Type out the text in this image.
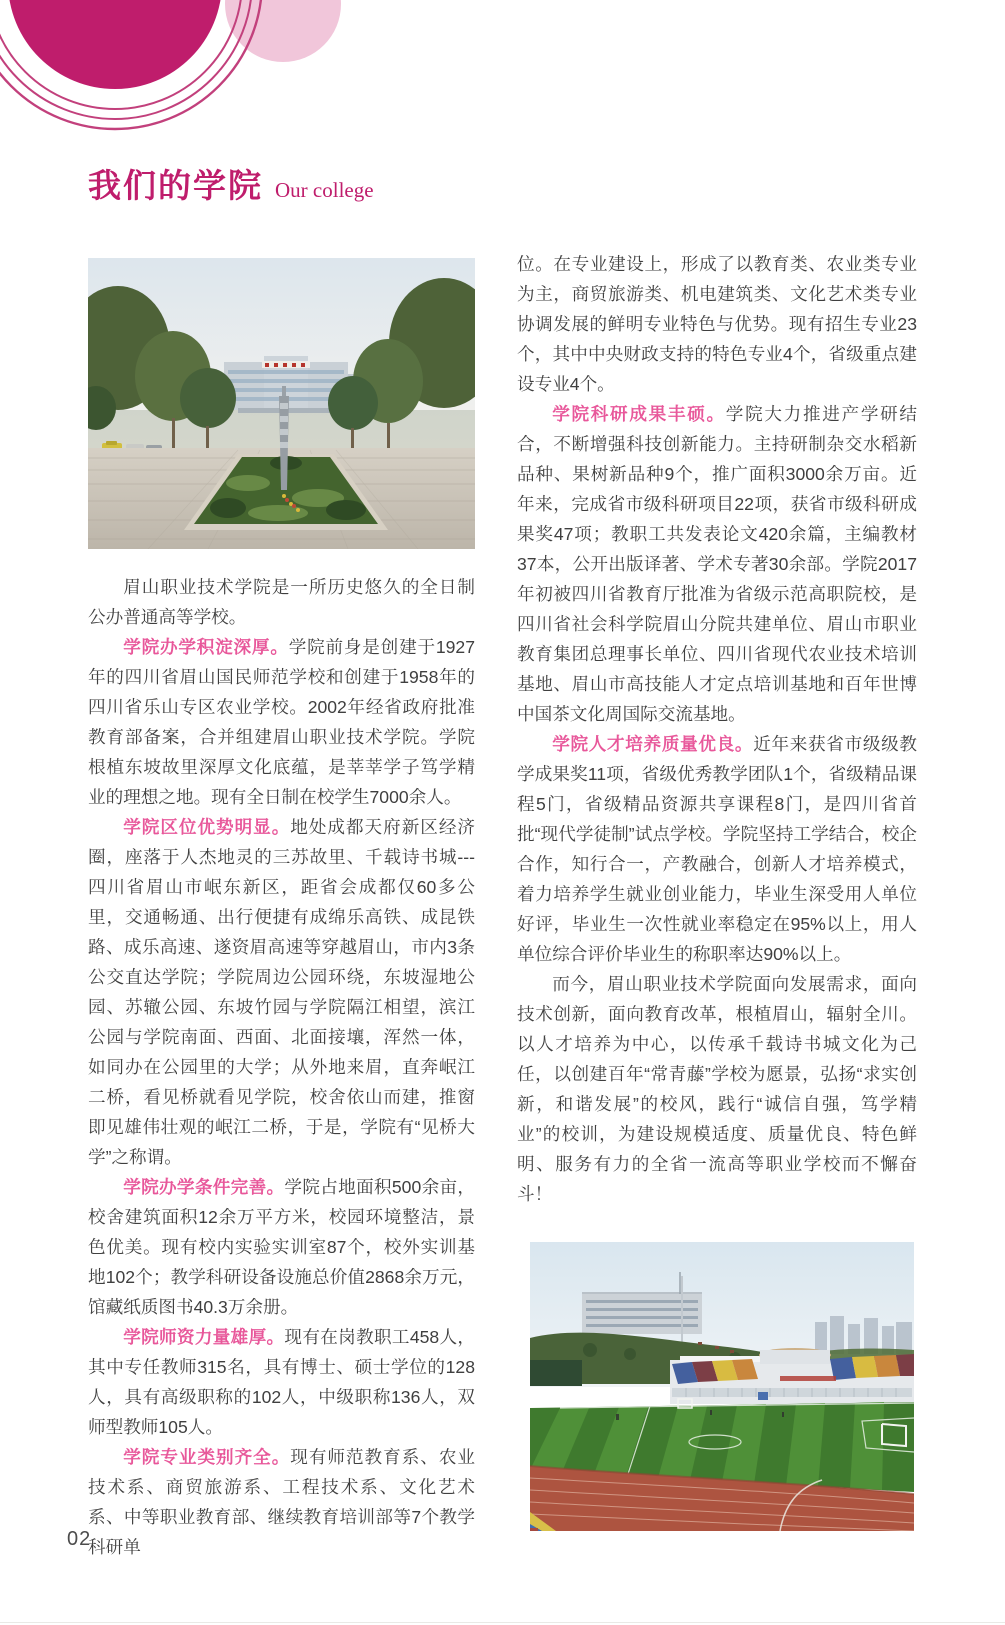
我们的学院 Our college

眉山职业技术学院是一所历史悠久的全日制公办普通高等学校。

学院办学积淀深厚。学院前身是创建于1927年的四川省眉山国民师范学校和创建于1958年的四川省乐山专区农业学校。2002年经省政府批准教育部备案，合并组建眉山职业技术学院。学院根植东坡故里深厚文化底蕴，是莘莘学子笃学精业的理想之地。现有全日制在校学生7000余人。

学院区位优势明显。地处成都天府新区经济圈，座落于人杰地灵的三苏故里、千载诗书城---四川省眉山市岷东新区，距省会成都仅60多公里，交通畅通、出行便捷有成绵乐高铁、成昆铁路、成乐高速、遂资眉高速等穿越眉山，市内3条公交直达学院；学院周边公园环绕，东坡湿地公园、苏辙公园、东坡竹园与学院隔江相望，滨江公园与学院南面、西面、北面接壤，浑然一体，如同办在公园里的大学；从外地来眉，直奔岷江二桥，看见桥就看见学院，校舍依山而建，推窗即见雄伟壮观的岷江二桥，于是，学院有“见桥大学”之称谓。

学院办学条件完善。学院占地面积500余亩，校舍建筑面积12余万平方米，校园环境整洁，景色优美。现有校内实验实训室87个，校外实训基地102个；教学科研设备设施总价值2868余万元，馆藏纸质图书40.3万余册。

学院师资力量雄厚。现有在岗教职工458人，其中专任教师315名，具有博士、硕士学位的128人，具有高级职称的102人，中级职称136人，双师型教师105人。

学院专业类别齐全。现有师范教育系、农业技术系、商贸旅游系、工程技术系、文化艺术系、中等职业教育部、继续教育培训部等7个教学科研单

位。在专业建设上，形成了以教育类、农业类专业为主，商贸旅游类、机电建筑类、文化艺术类专业协调发展的鲜明专业特色与优势。现有招生专业23个，其中中央财政支持的特色专业4个，省级重点建设专业4个。

学院科研成果丰硕。学院大力推进产学研结合，不断增强科技创新能力。主持研制杂交水稻新品种、果树新品种9个，推广面积3000余万亩。近年来，完成省市级科研项目22项，获省市级科研成果奖47项；教职工共发表论文420余篇，主编教材37本，公开出版译著、学术专著30余部。学院2017年初被四川省教育厅批准为省级示范高职院校，是四川省社会科学院眉山分院共建单位、眉山市职业教育集团总理事长单位、四川省现代农业技术培训基地、眉山市高技能人才定点培训基地和百年世博中国茶文化周国际交流基地。

学院人才培养质量优良。近年来获省市级级教学成果奖11项，省级优秀教学团队1个，省级精品课程5门，省级精品资源共享课程8门，是四川省首批“现代学徒制”试点学校。学院坚持工学结合，校企合作，知行合一，产教融合，创新人才培养模式，着力培养学生就业创业能力，毕业生深受用人单位好评，毕业生一次性就业率稳定在95%以上，用人单位综合评价毕业生的称职率达90%以上。

而今，眉山职业技术学院面向发展需求，面向技术创新，面向教育改革，根植眉山，辐射全川。以人才培养为中心，以传承千载诗书城文化为己任，以创建百年“常青藤”学校为愿景，弘扬“求实创新，和谐发展”的校风，践行“诚信自强，笃学精业”的校训，为建设规模适度、质量优良、特色鲜明、服务有力的全省一流高等职业学校而不懈奋斗！

02
